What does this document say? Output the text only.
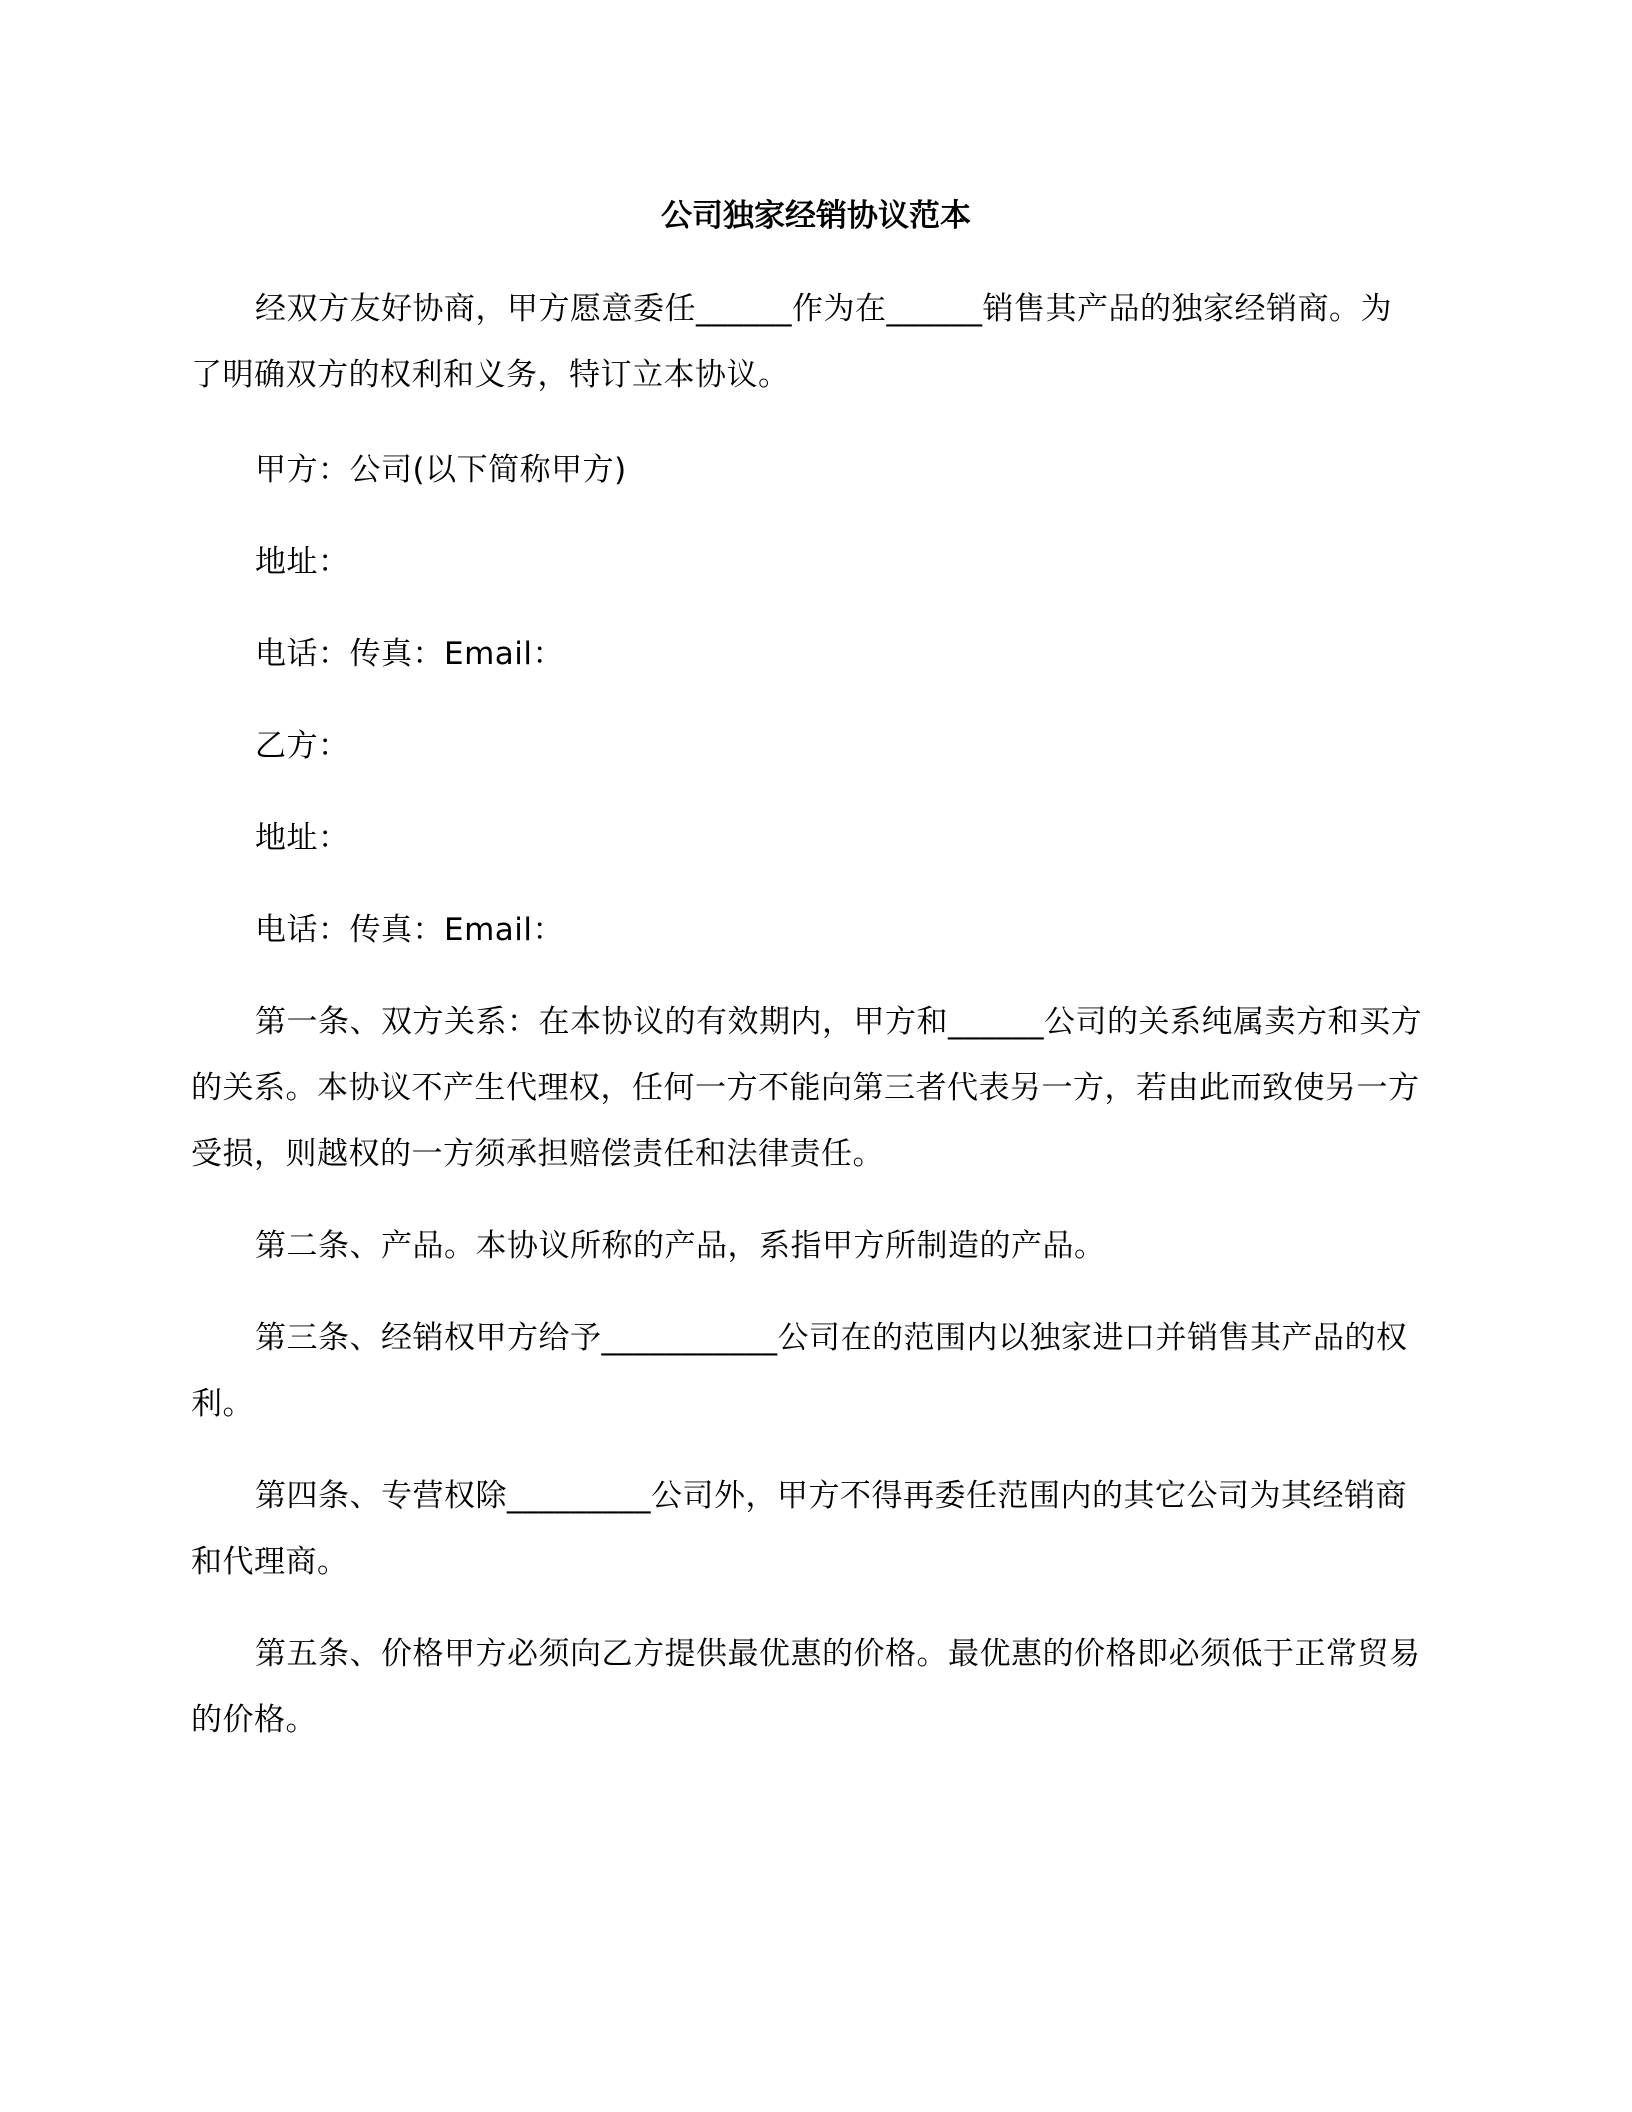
公司独家经销协议范本

经双方友好协商，甲方愿意委任______作为在______销售其产品的独家经销商。为了明确双方的权利和义务，特订立本协议。

甲方：公司(以下简称甲方)

地址：

电话：传真：Email：

乙方：

地址：

电话：传真：Email：

第一条、双方关系：在本协议的有效期内，甲方和______公司的关系纯属卖方和买方的关系。本协议不产生代理权，任何一方不能向第三者代表另一方，若由此而致使另一方受损，则越权的一方须承担赔偿责任和法律责任。

第二条、产品。本协议所称的产品，系指甲方所制造的产品。

第三条、经销权甲方给予___________公司在的范围内以独家进口并销售其产品的权利。

第四条、专营权除_________公司外，甲方不得再委任范围内的其它公司为其经销商和代理商。

第五条、价格甲方必须向乙方提供最优惠的价格。最优惠的价格即必须低于正常贸易的价格。
